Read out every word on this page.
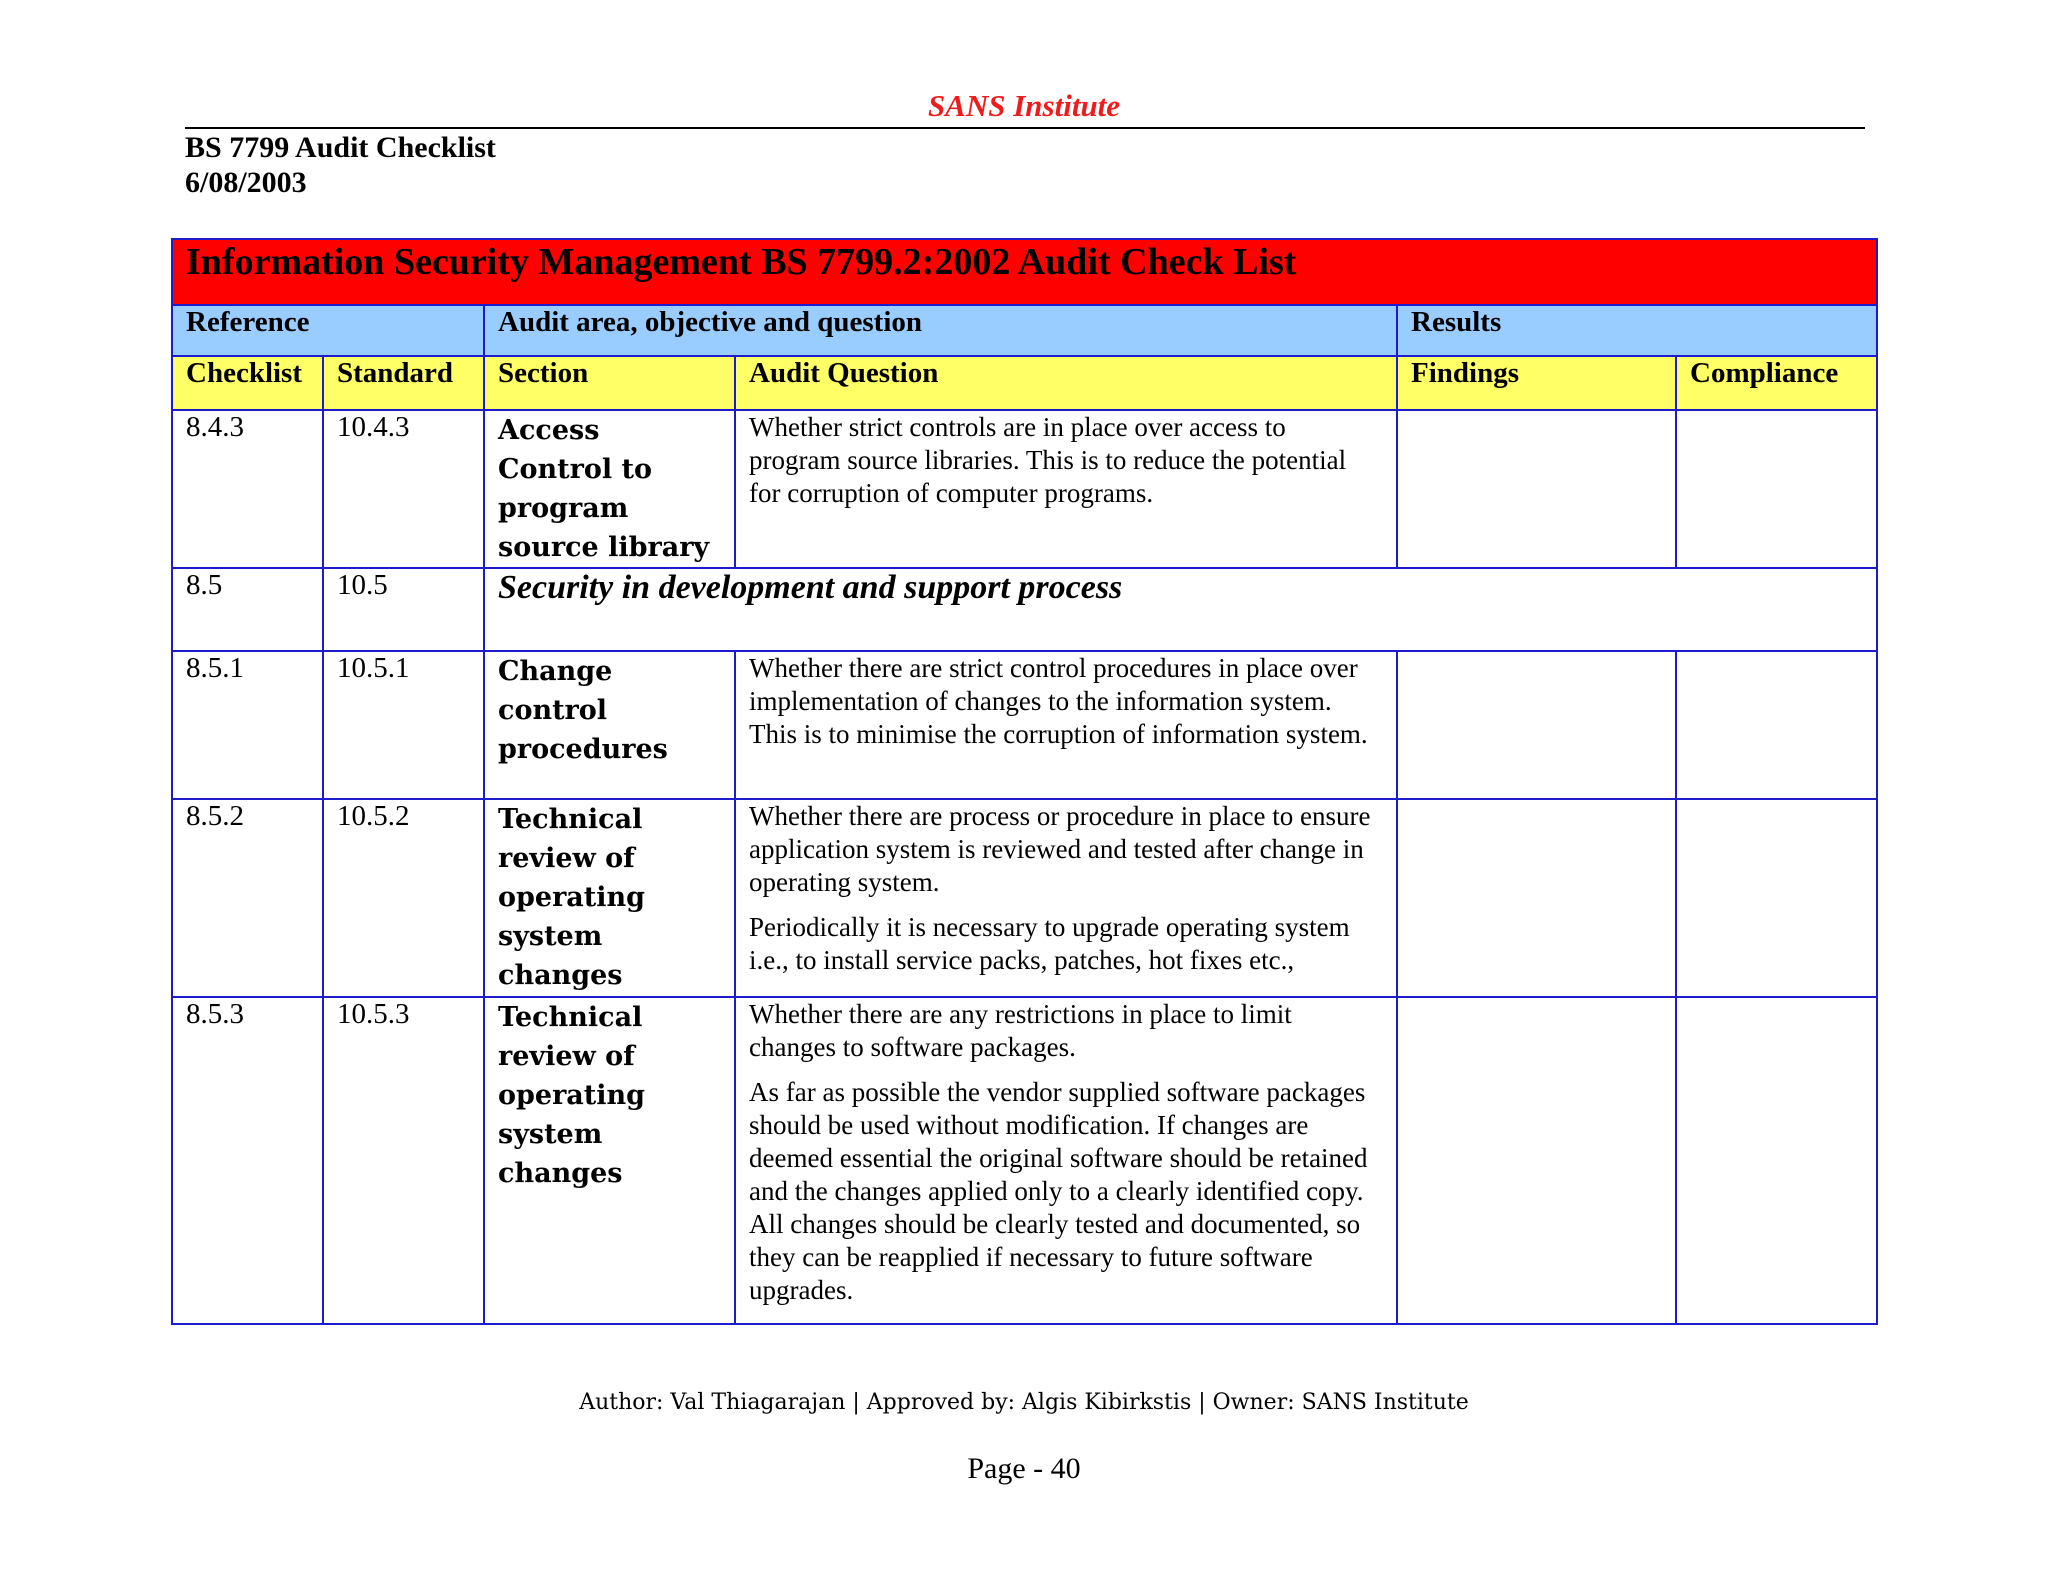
SANS Institute
BS 7799 Audit Checklist
6/08/2003
Information Security Management BS 7799.2:2002 Audit Check List					
Reference		Audit area, objective and question		Results	
Checklist	Standard	Section	Audit Question	Findings	Compliance
8.4.3	10.4.3	Access Control to program source library	Whether strict controls are in place over access to program source libraries. This is to reduce the potential for corruption of computer programs.		

8.5	10.5	Security in development and support process			
8.5.1	10.5.1	Change control procedures	Whether there are strict control procedures in place over implementation of changes to the information system. This is to minimise the corruption of information system.		

8.5.2	10.5.2	Technical review of operating system changes	Whether there are process or procedure in place to ensure application system is reviewed and tested after change in operating system.

Periodically it is necessary to upgrade operating system i.e., to install service packs, patches, hot fixes etc.,		

8.5.3	10.5.3	Technical review of operating system changes	Whether there are any restrictions in place to limit changes to software packages.

As far as possible the vendor supplied software packages should be used without modification. If changes are deemed essential the original software should be retained and the changes applied only to a clearly identified copy. All changes should be clearly tested and documented, so they can be reapplied if necessary to future software upgrades.		

Author: Val Thiagarajan | Approved by: Algis Kibirkstis | Owner: SANS Institute
Page - 40
